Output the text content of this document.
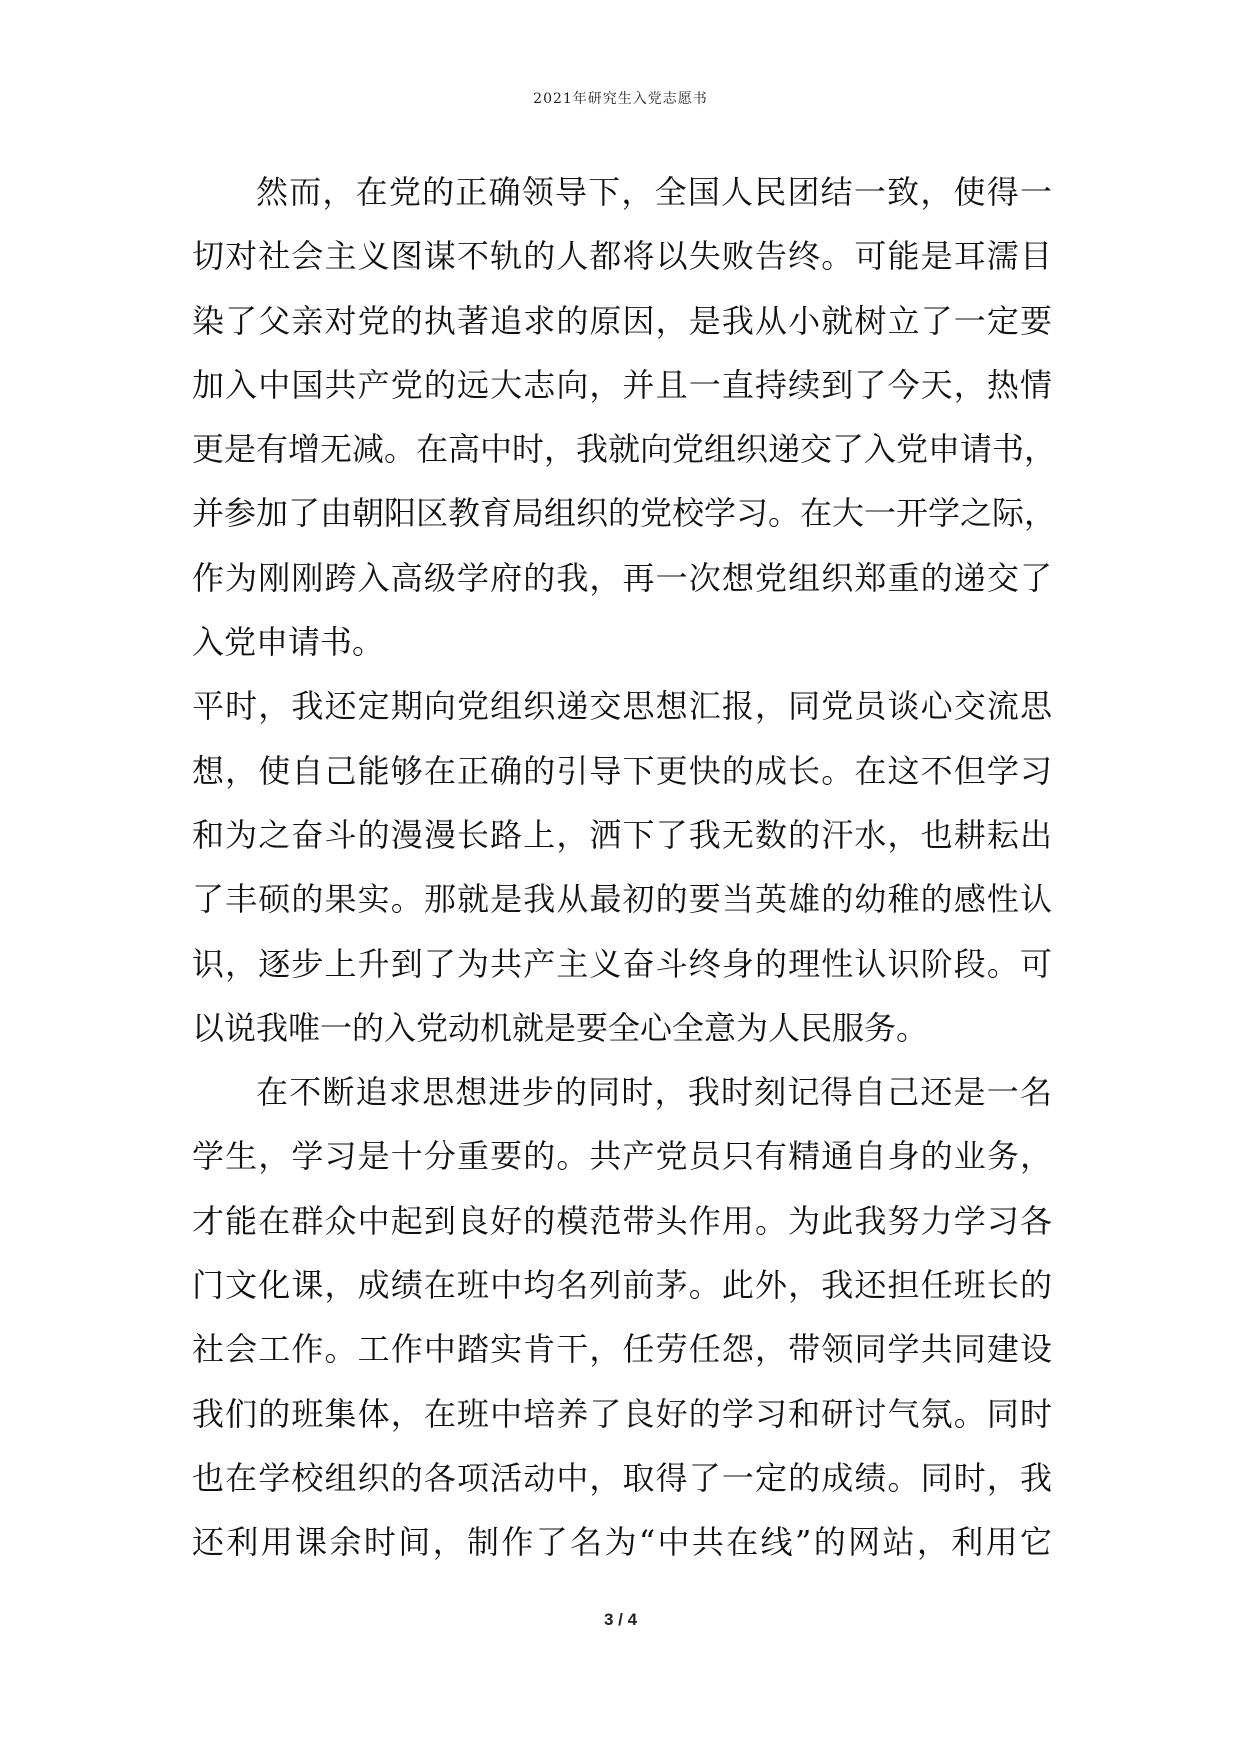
2021年研究生入党志愿书
然而，在党的正确领导下，全国人民团结一致，使得一
切对社会主义图谋不轨的人都将以失败告终。可能是耳濡目
染了父亲对党的执著追求的原因，是我从小就树立了一定要
加入中国共产党的远大志向，并且一直持续到了今天，热情
更是有增无减。在高中时，我就向党组织递交了入党申请书，
并参加了由朝阳区教育局组织的党校学习。在大一开学之际，
作为刚刚跨入高级学府的我，再一次想党组织郑重的递交了
入党申请书。
平时，我还定期向党组织递交思想汇报，同党员谈心交流思
想，使自己能够在正确的引导下更快的成长。在这不但学习
和为之奋斗的漫漫长路上，洒下了我无数的汗水，也耕耘出
了丰硕的果实。那就是我从最初的要当英雄的幼稚的感性认
识，逐步上升到了为共产主义奋斗终身的理性认识阶段。可
以说我唯一的入党动机就是要全心全意为人民服务。
在不断追求思想进步的同时，我时刻记得自己还是一名
学生，学习是十分重要的。共产党员只有精通自身的业务，
才能在群众中起到良好的模范带头作用。为此我努力学习各
门文化课，成绩在班中均名列前茅。此外，我还担任班长的
社会工作。工作中踏实肯干，任劳任怨，带领同学共同建设
我们的班集体，在班中培养了良好的学习和研讨气氛。同时
也在学校组织的各项活动中，取得了一定的成绩。同时，我
还利用课余时间，制作了名为“中共在线”的网站，利用它
3 / 4
